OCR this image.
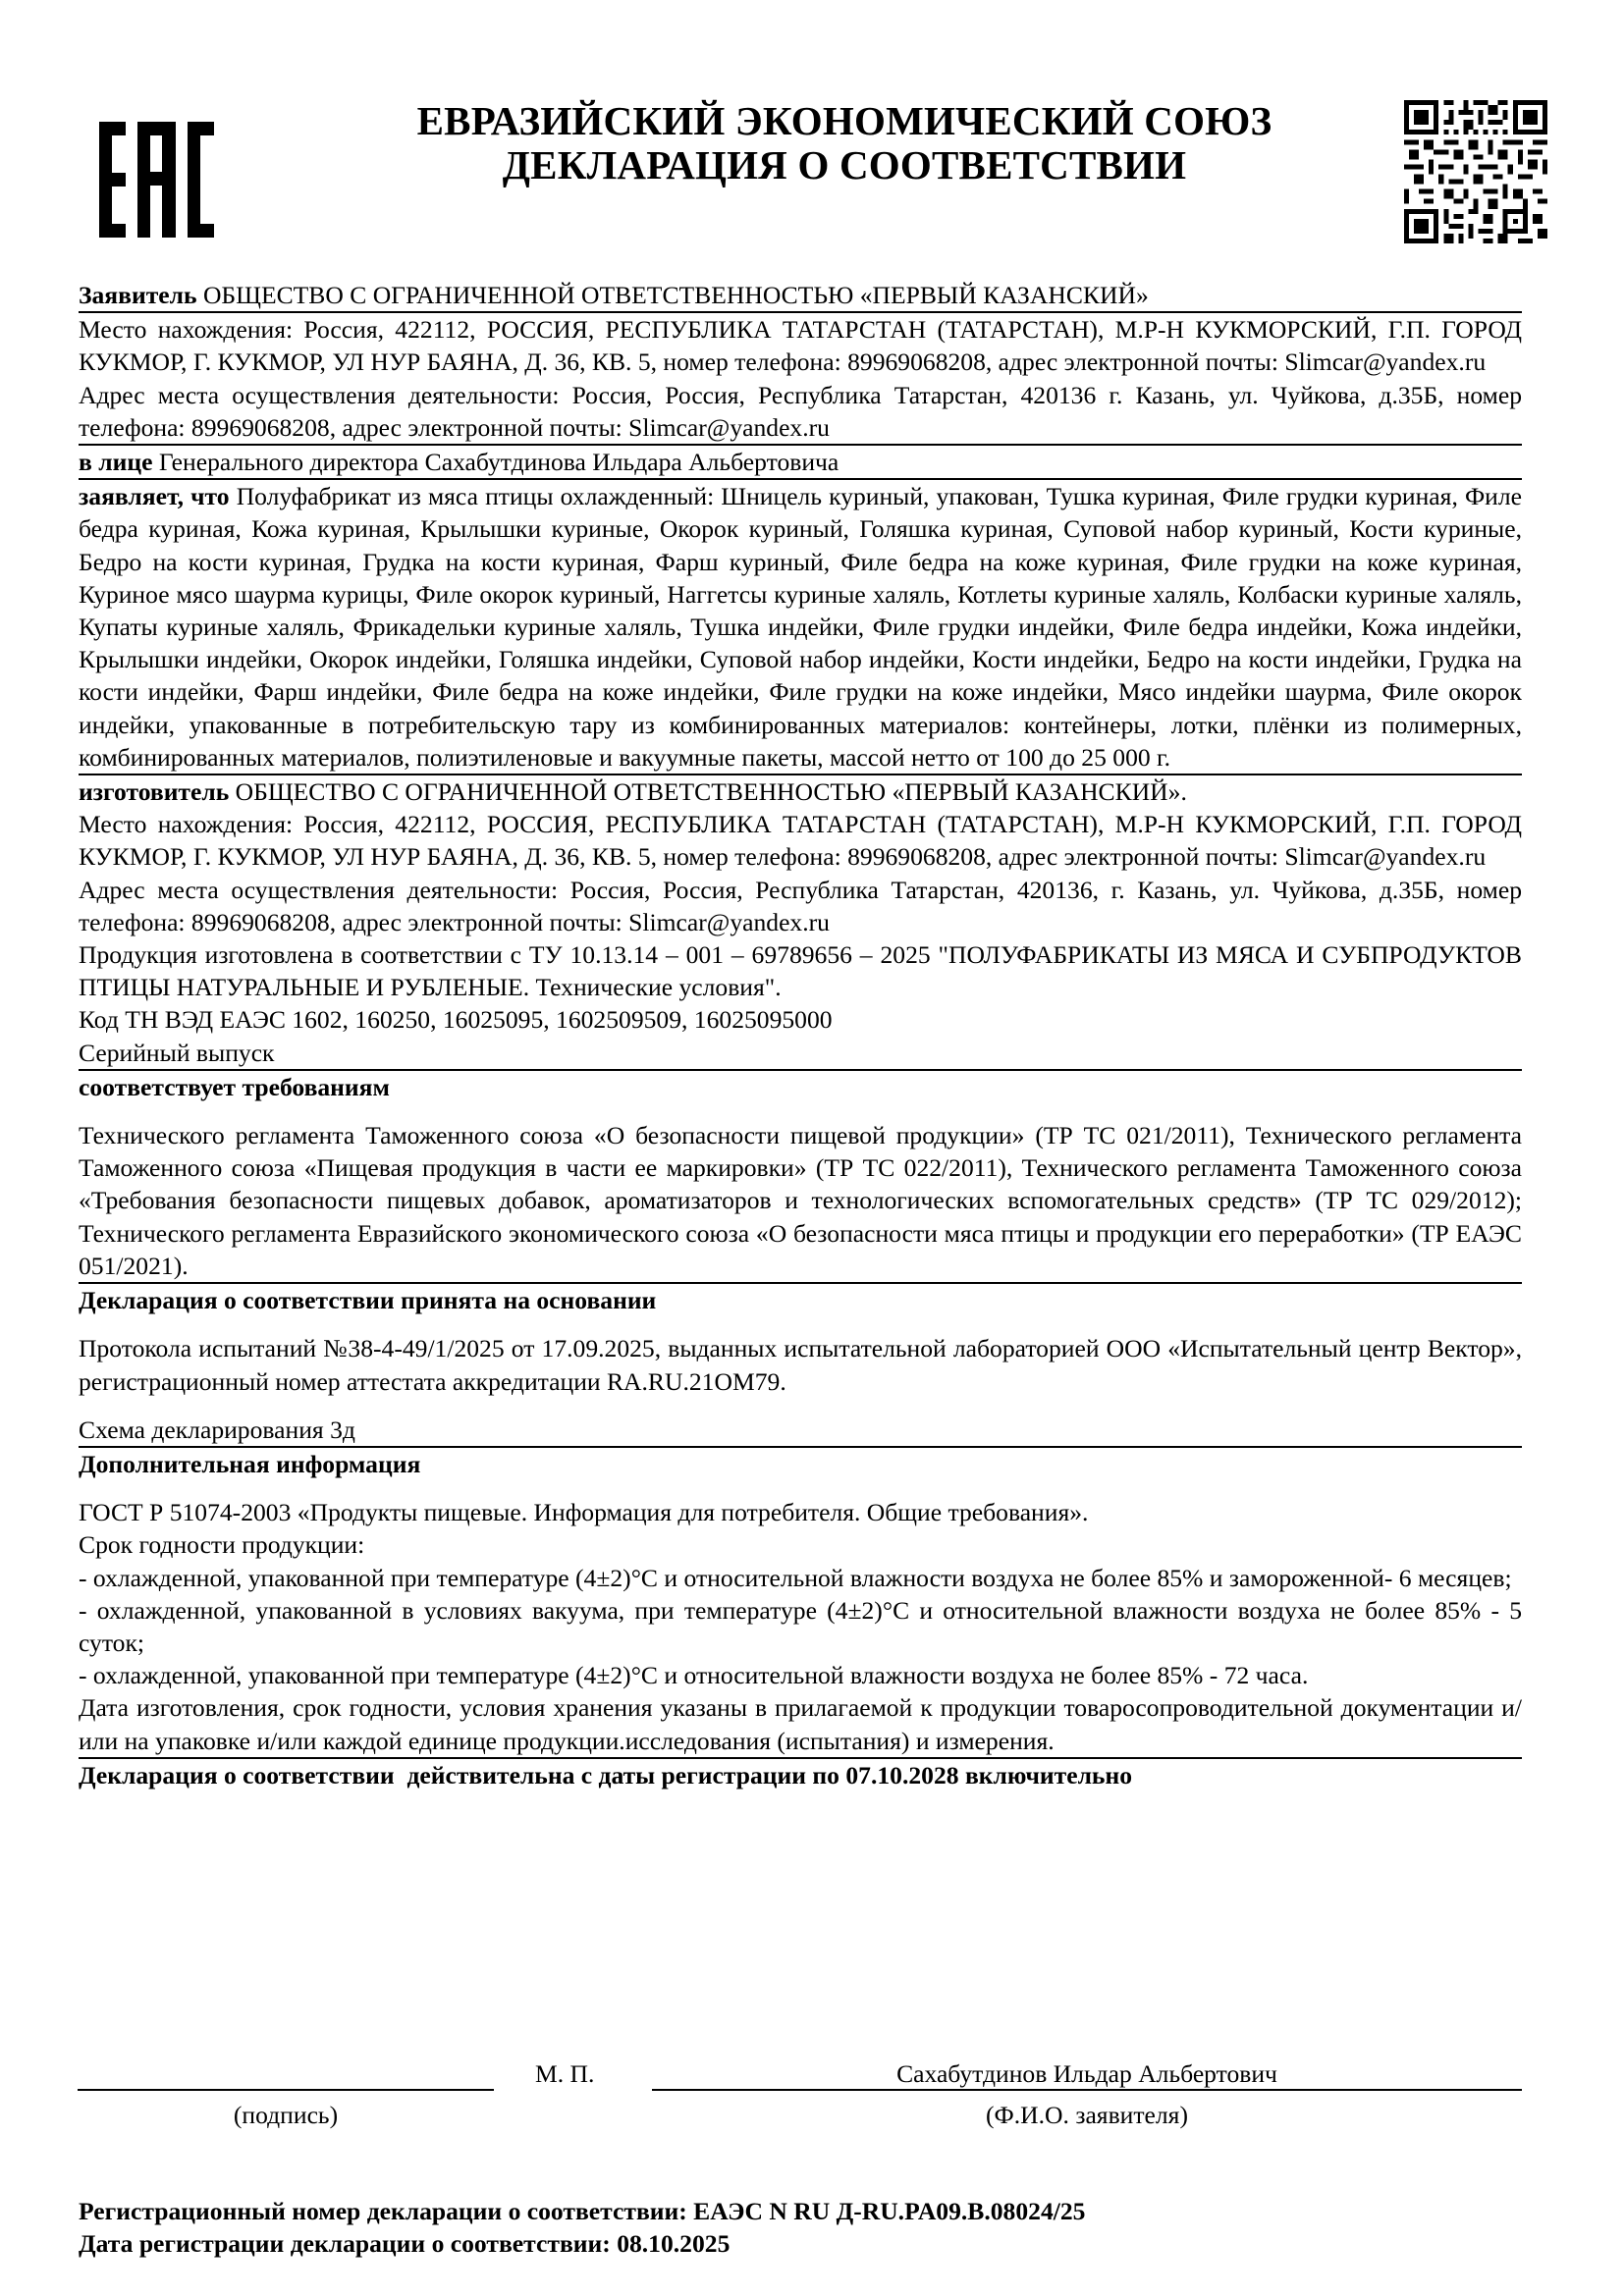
ЕВРАЗИЙСКИЙ ЭКОНОМИЧЕСКИЙ СОЮЗ
ДЕКЛАРАЦИЯ О СООТВЕТСТВИИ
Заявитель ОБЩЕСТВО С ОГРАНИЧЕННОЙ ОТВЕТСТВЕННОСТЬЮ «ПЕРВЫЙ КАЗАНСКИЙ»
Место нахождения: Россия, 422112, РОССИЯ, РЕСПУБЛИКА ТАТАРСТАН (ТАТАРСТАН), М.Р-Н КУКМОРСКИЙ, Г.П. ГОРОД КУКМОР, Г. КУКМОР, УЛ НУР БАЯНА, Д. 36, КВ. 5, номер телефона: 89969068208, адрес электронной почты: Slimcar@yandex.ru
Адрес места осуществления деятельности: Россия, Россия, Республика Татарстан, 420136 г. Казань, ул. Чуйкова, д.35Б, номер телефона: 89969068208, адрес электронной почты: Slimcar@yandex.ru
в лице Генерального директора Сахабутдинова Ильдара Альбертовича
заявляет, что Полуфабрикат из мяса птицы охлажденный: Шницель куриный, упакован, Тушка куриная, Филе грудки куриная, Филе бедра куриная, Кожа куриная, Крылышки куриные, Окорок куриный, Голяшка куриная, Суповой набор куриный, Кости куриные, Бедро на кости куриная, Грудка на кости куриная, Фарш куриный, Филе бедра на коже куриная, Филе грудки на коже куриная, Куриное мясо шаурма курицы, Филе окорок куриный, Наггетсы куриные халяль, Котлеты куриные халяль, Колбаски куриные халяль, Купаты куриные халяль, Фрикадельки куриные халяль, Тушка индейки, Филе грудки индейки, Филе бедра индейки, Кожа индейки, Крылышки индейки, Окорок индейки, Голяшка индейки, Суповой набор индейки, Кости индейки, Бедро на кости индейки, Грудка на кости индейки, Фарш индейки, Филе бедра на коже индейки, Филе грудки на коже индейки, Мясо индейки шаурма, Филе окорок индейки, упакованные в потребительскую тару из комбинированных материалов: контейнеры, лотки, плёнки из полимерных, комбинированных материалов, полиэтиленовые и вакуумные пакеты, массой нетто от 100 до 25 000 г.
изготовитель ОБЩЕСТВО С ОГРАНИЧЕННОЙ ОТВЕТСТВЕННОСТЬЮ «ПЕРВЫЙ КАЗАНСКИЙ».
Место нахождения: Россия, 422112, РОССИЯ, РЕСПУБЛИКА ТАТАРСТАН (ТАТАРСТАН), М.Р-Н КУКМОРСКИЙ, Г.П. ГОРОД КУКМОР, Г. КУКМОР, УЛ НУР БАЯНА, Д. 36, КВ. 5, номер телефона: 89969068208, адрес электронной почты: Slimcar@yandex.ru
Адрес места осуществления деятельности: Россия, Россия, Республика Татарстан, 420136, г. Казань, ул. Чуйкова, д.35Б, номер телефона: 89969068208, адрес электронной почты: Slimcar@yandex.ru
Продукция изготовлена в соответствии с ТУ 10.13.14 – 001 – 69789656 – 2025 "ПОЛУФАБРИКАТЫ ИЗ МЯСА И СУБПРОДУКТОВ ПТИЦЫ НАТУРАЛЬНЫЕ И РУБЛЕНЫЕ. Технические условия".
Код ТН ВЭД ЕАЭС 1602, 160250, 16025095, 1602509509, 16025095000
Серийный выпуск
соответствует требованиям
Технического регламента Таможенного союза «О безопасности пищевой продукции» (ТР ТС 021/2011), Технического регламента Таможенного союза «Пищевая продукция в части ее маркировки» (ТР ТС 022/2011), Технического регламента Таможенного союза «Требования безопасности пищевых добавок, ароматизаторов и технологических вспомогательных средств» (ТР ТС 029/2012); Технического регламента Евразийского экономического союза «О безопасности мяса птицы и продукции его переработки» (ТР ЕАЭС 051/2021).
Декларация о соответствии принята на основании
Протокола испытаний №38-4-49/1/2025 от 17.09.2025, выданных испытательной лабораторией ООО «Испытательный центр Вектор», регистрационный номер аттестата аккредитации RA.RU.21OM79.
Схема декларирования 3д
Дополнительная информация
ГОСТ Р 51074-2003 «Продукты пищевые. Информация для потребителя. Общие требования».
Срок годности продукции:
- охлажденной, упакованной при температуре (4±2)°С и относительной влажности воздуха не более 85% и замороженной- 6 месяцев;
- охлажденной, упакованной в условиях вакуума, при температуре (4±2)°С и относительной влажности воздуха не более 85% - 5 суток;
- охлажденной, упакованной при температуре (4±2)°С и относительной влажности воздуха не более 85% - 72 часа.
Дата изготовления, срок годности, условия хранения указаны в прилагаемой к продукции товаросопроводительной документации и/или на упаковке и/или каждой единице продукции.исследования (испытания) и измерения.
Декларация о соответствии  действительна с даты регистрации по 07.10.2028 включительно
М. П.	Сахабутдинов Ильдар Альбертович
(подпись)	(Ф.И.О. заявителя)
Регистрационный номер декларации о соответствии: ЕАЭС N RU Д-RU.PA09.B.08024/25
Дата регистрации декларации о соответствии: 08.10.2025
